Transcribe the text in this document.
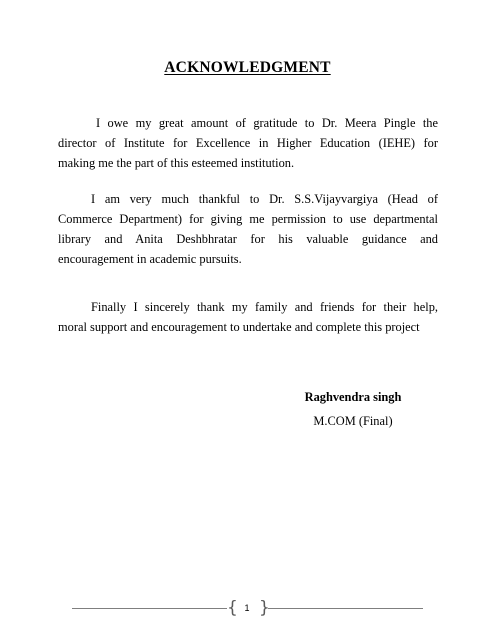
ACKNOWLEDGMENT
I owe my great amount of gratitude to Dr. Meera Pingle the
director of Institute for Excellence in Higher Education (IEHE) for
making me the part of this esteemed institution.
I am very much thankful to Dr. S.S.Vijayvargiya (Head of
Commerce Department) for giving me permission to use departmental
library and Anita Deshbhratar for his valuable guidance and
encouragement in academic pursuits.
Finally I sincerely thank my family and friends for their help,
moral support and encouragement to undertake and complete this project
Raghvendra singh
M.COM (Final)
{ 1 }
